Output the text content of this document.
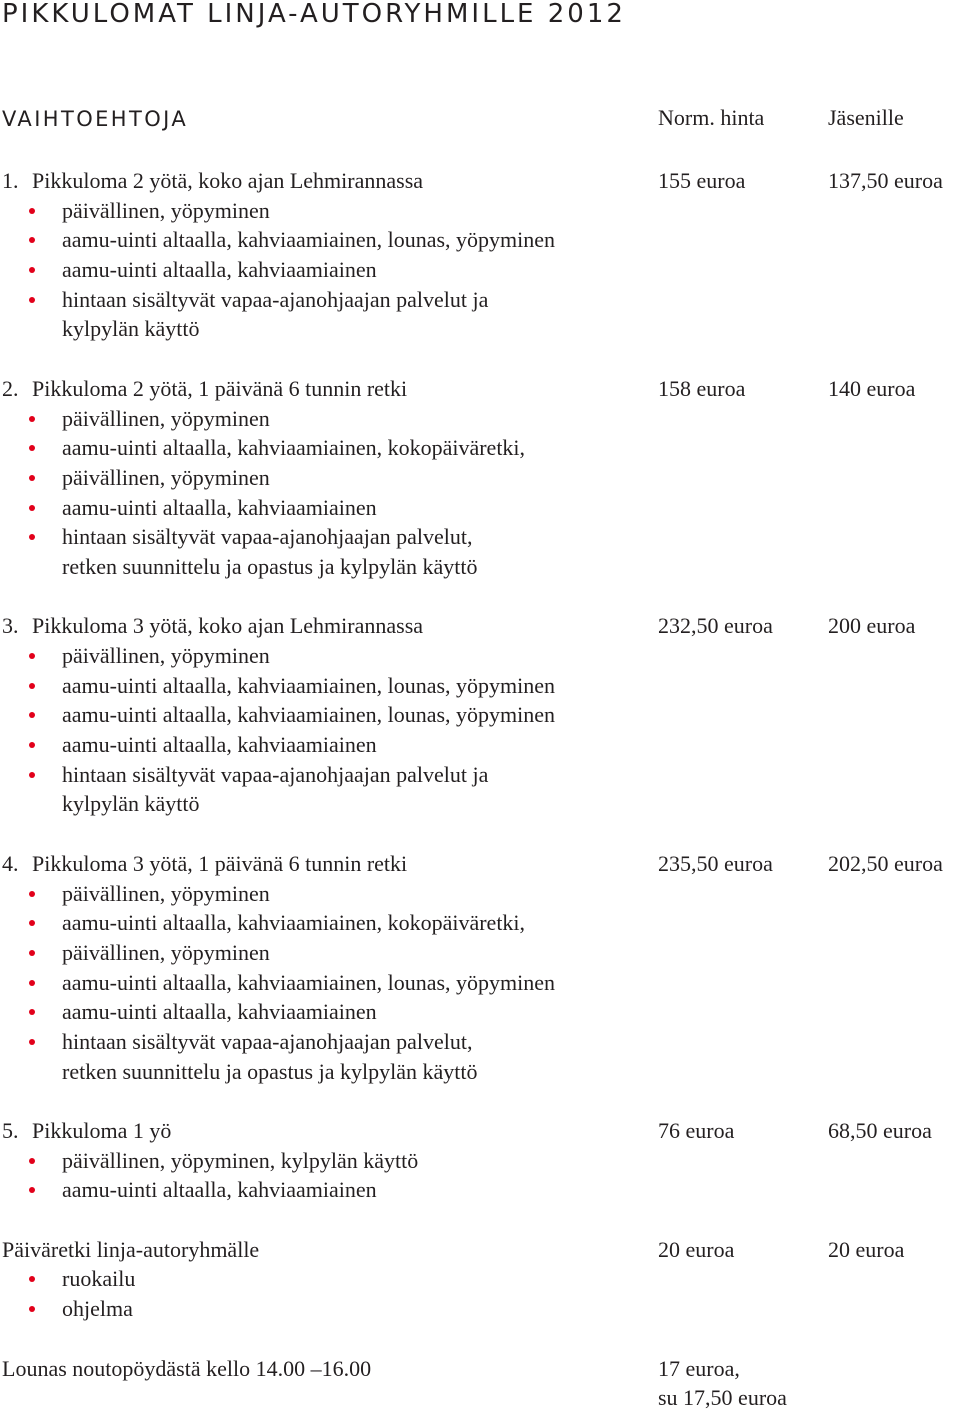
PIKKULOMAT LINJA-AUTORYHMILLE 2012
VAIHTOEHTOJA	Norm. hinta	Jäsenille
1. Pikkuloma 2 yötä, koko ajan Lehmirannassa	155 euroa	137,50 euroa
päivällinen, yöpyminen
aamu-uinti altaalla, kahviaamiainen, lounas, yöpyminen
aamu-uinti altaalla, kahviaamiainen
hintaan sisältyvät vapaa-ajanohjaajan palvelut ja
kylpylän käyttö
2. Pikkuloma 2 yötä, 1 päivänä 6 tunnin retki	158 euroa	140 euroa
päivällinen, yöpyminen
aamu-uinti altaalla, kahviaamiainen, kokopäiväretki,
päivällinen, yöpyminen
aamu-uinti altaalla, kahviaamiainen
hintaan sisältyvät vapaa-ajanohjaajan palvelut,
retken suunnittelu ja opastus ja kylpylän käyttö
3. Pikkuloma 3 yötä, koko ajan Lehmirannassa	232,50 euroa	200 euroa
päivällinen, yöpyminen
aamu-uinti altaalla, kahviaamiainen, lounas, yöpyminen
aamu-uinti altaalla, kahviaamiainen, lounas, yöpyminen
aamu-uinti altaalla, kahviaamiainen
hintaan sisältyvät vapaa-ajanohjaajan palvelut ja
kylpylän käyttö
4. Pikkuloma 3 yötä, 1 päivänä 6 tunnin retki	235,50 euroa	202,50 euroa
päivällinen, yöpyminen
aamu-uinti altaalla, kahviaamiainen, kokopäiväretki,
päivällinen, yöpyminen
aamu-uinti altaalla, kahviaamiainen, lounas, yöpyminen
aamu-uinti altaalla, kahviaamiainen
hintaan sisältyvät vapaa-ajanohjaajan palvelut,
retken suunnittelu ja opastus ja kylpylän käyttö
5. Pikkuloma 1 yö	76 euroa	68,50 euroa
päivällinen, yöpyminen, kylpylän käyttö
aamu-uinti altaalla, kahviaamiainen
Päiväretki linja-autoryhmälle	20 euroa	20 euroa
ruokailu
ohjelma
Lounas noutopöydästä kello 14.00 –16.00	17 euroa,
su 17,50 euroa
